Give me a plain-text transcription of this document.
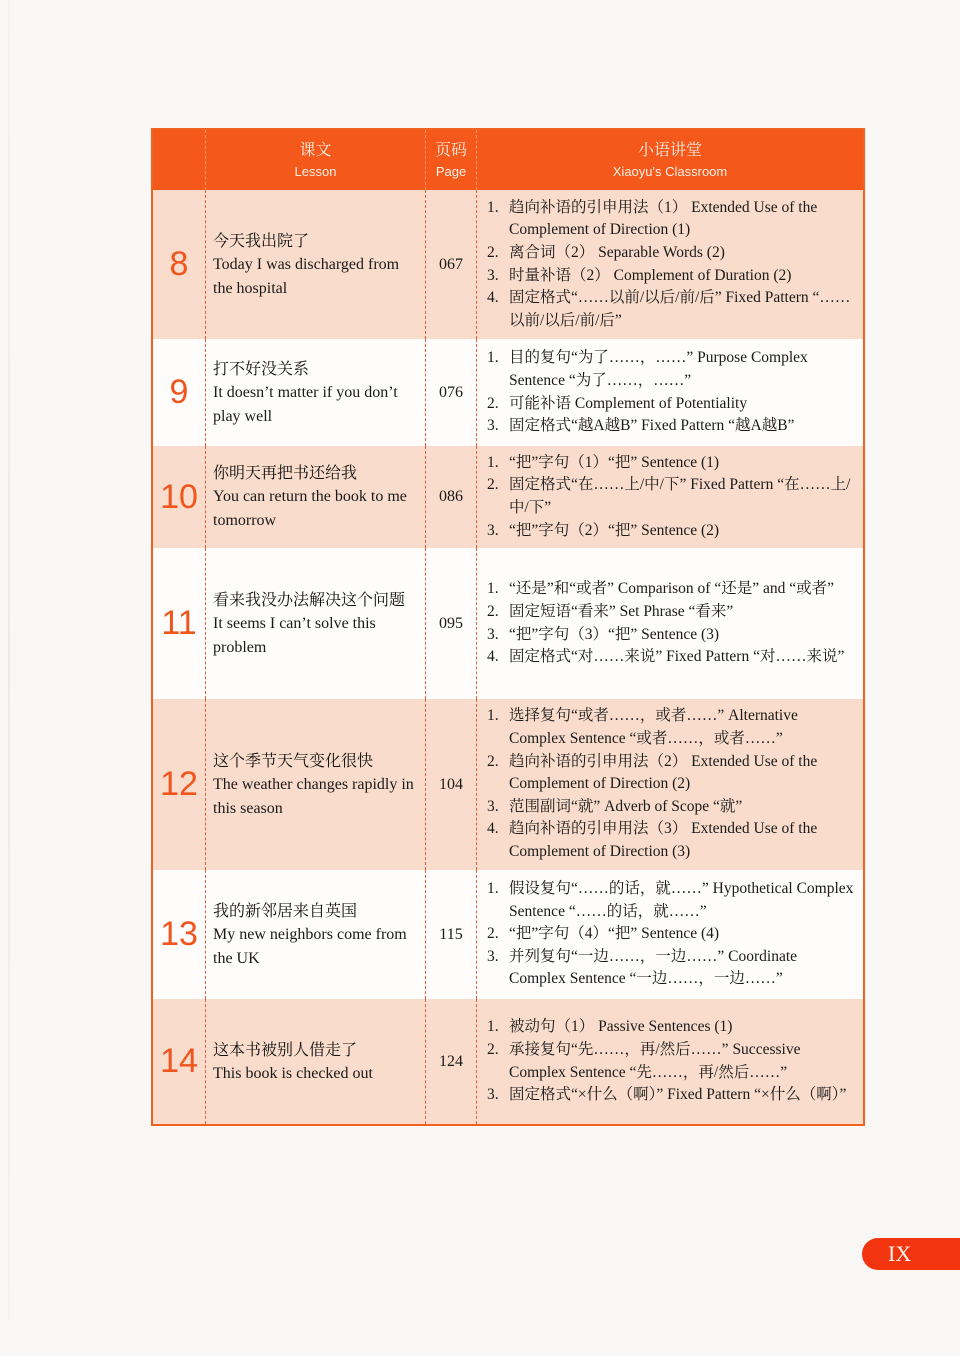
课文
Lesson
页码
Page
小语讲堂
Xiaoyu's Classroom
8
今天我出院了
Today I was discharged from the hospital
067
1. 趋向补语的引申用法（1） Extended Use of the Complement of Direction (1)
2. 离合词（2） Separable Words (2)
3. 时量补语（2） Complement of Duration (2)
4. 固定格式“……以前/以后/前/后” Fixed Pattern “……以前/以后/前/后”
9
打不好没关系
It doesn’t matter if you don’t play well
076
1. 目的复句“为了……，……” Purpose Complex Sentence “为了……，……”
2. 可能补语 Complement of Potentiality
3. 固定格式“越A越B” Fixed Pattern “越A越B”
10
你明天再把书还给我
You can return the book to me tomorrow
086
1. “把”字句（1）“把” Sentence (1)
2. 固定格式“在……上/中/下” Fixed Pattern “在……上/中/下”
3. “把”字句（2）“把” Sentence (2)
11
看来我没办法解决这个问题
It seems I can’t solve this problem
095
1. “还是”和“或者” Comparison of “还是” and “或者”
2. 固定短语“看来” Set Phrase “看来”
3. “把”字句（3）“把” Sentence (3)
4. 固定格式“对……来说” Fixed Pattern “对……来说”
12
这个季节天气变化很快
The weather changes rapidly in this season
104
1. 选择复句“或者……，或者……” Alternative Complex Sentence “或者……，或者……”
2. 趋向补语的引申用法（2） Extended Use of the Complement of Direction (2)
3. 范围副词“就” Adverb of Scope “就”
4. 趋向补语的引申用法（3） Extended Use of the Complement of Direction (3)
13
我的新邻居来自英国
My new neighbors come from the UK
115
1. 假设复句“……的话，就……” Hypothetical Complex Sentence “……的话，就……”
2. “把”字句（4）“把” Sentence (4)
3. 并列复句“一边……，一边……” Coordinate Complex Sentence “一边……，一边……”
14 这本书被别人借走了
This book is checked out
124
1. 被动句（1） Passive Sentences (1)
2. 承接复句“先……，再/然后……” Successive Complex Sentence “先……，再/然后……”
3. 固定格式“×什么（啊）” Fixed Pattern “×什么（啊）”
IX
